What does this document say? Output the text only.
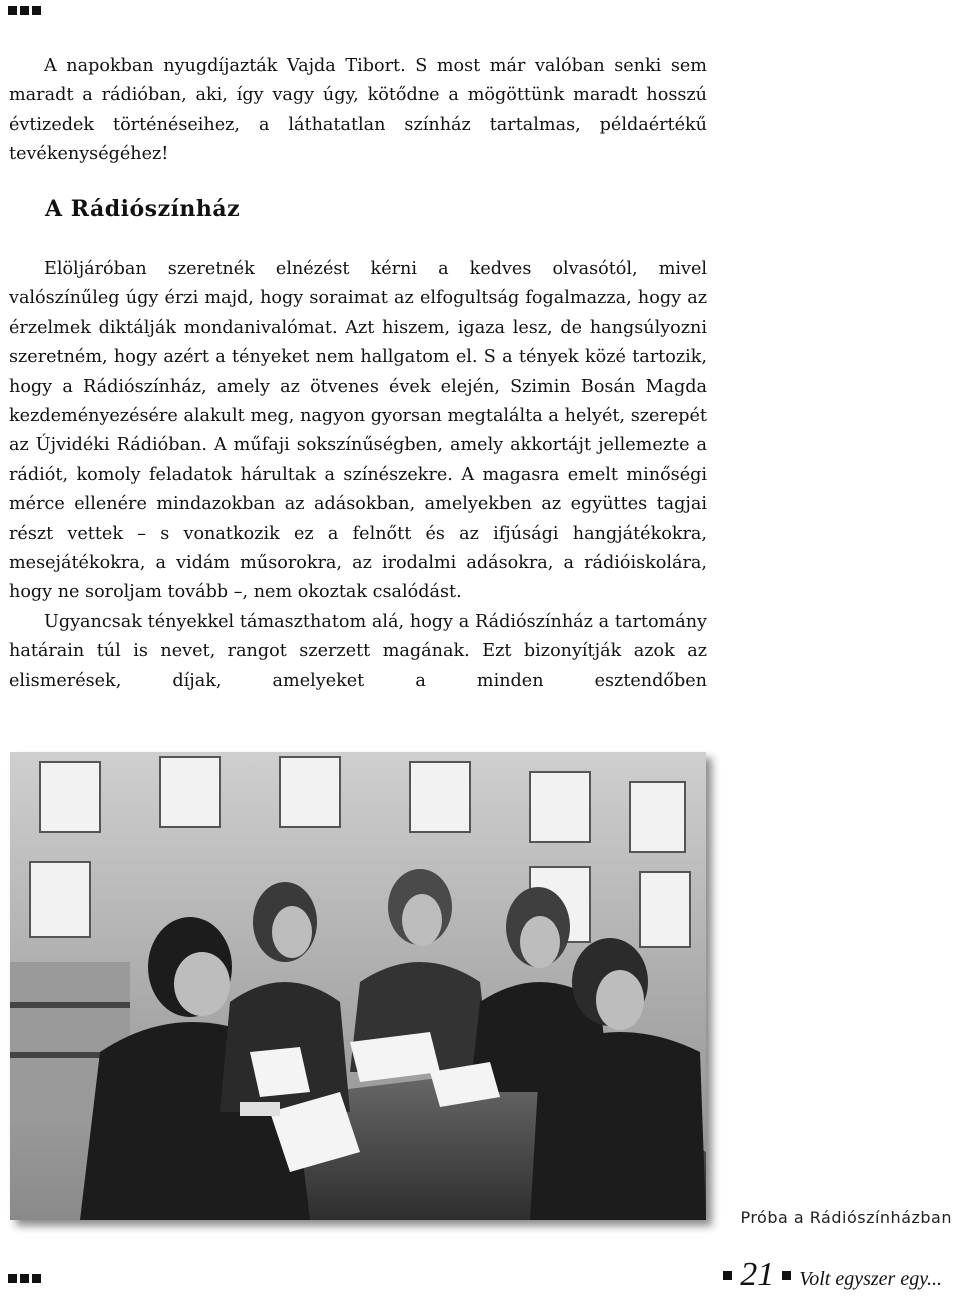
A napokban nyugdíjazták Vajda Tibort. S most már valóban senki sem maradt a rádióban, aki, így vagy úgy, kötődne a mögöttünk maradt hosszú évtizedek történéseihez, a láthatatlan színház tartalmas, példaértékű tevékenységéhez!

A Rádiószínház

Elöljáróban szeretnék elnézést kérni a kedves olvasótól, mivel valószínűleg úgy érzi majd, hogy soraimat az elfogultság fogalmazza, hogy az érzelmek diktálják mondanivalómat. Azt hiszem, igaza lesz, de hangsúlyozni szeretném, hogy azért a tényeket nem hallgatom el. S a tények közé tartozik, hogy a Rádiószínház, amely az ötvenes évek elején, Szimin Bosán Magda kezdeményezésére alakult meg, nagyon gyorsan megtalálta a helyét, szerepét az Újvidéki Rádióban. A műfaji sokszínűségben, amely akkortájt jellemezte a rádiót, komoly feladatok hárultak a színészekre. A magasra emelt minőségi mérce ellenére mindazokban az adásokban, amelyekben az együttes tagjai részt vettek – s vonatkozik ez a felnőtt és az ifjúsági hangjátékokra, mesejátékokra, a vidám műsorokra, az irodalmi adásokra, a rádióiskolára, hogy ne soroljam tovább –, nem okoztak csalódást.

Ugyancsak tényekkel támaszthatom alá, hogy a Rádiószínház a tartomány határain túl is nevet, rangot szerzett magának. Ezt bizonyítják azok az elismerések, díjak, amelyeket a minden esztendőben

Próba a Rádiószínházban
21 Volt egyszer egy...
